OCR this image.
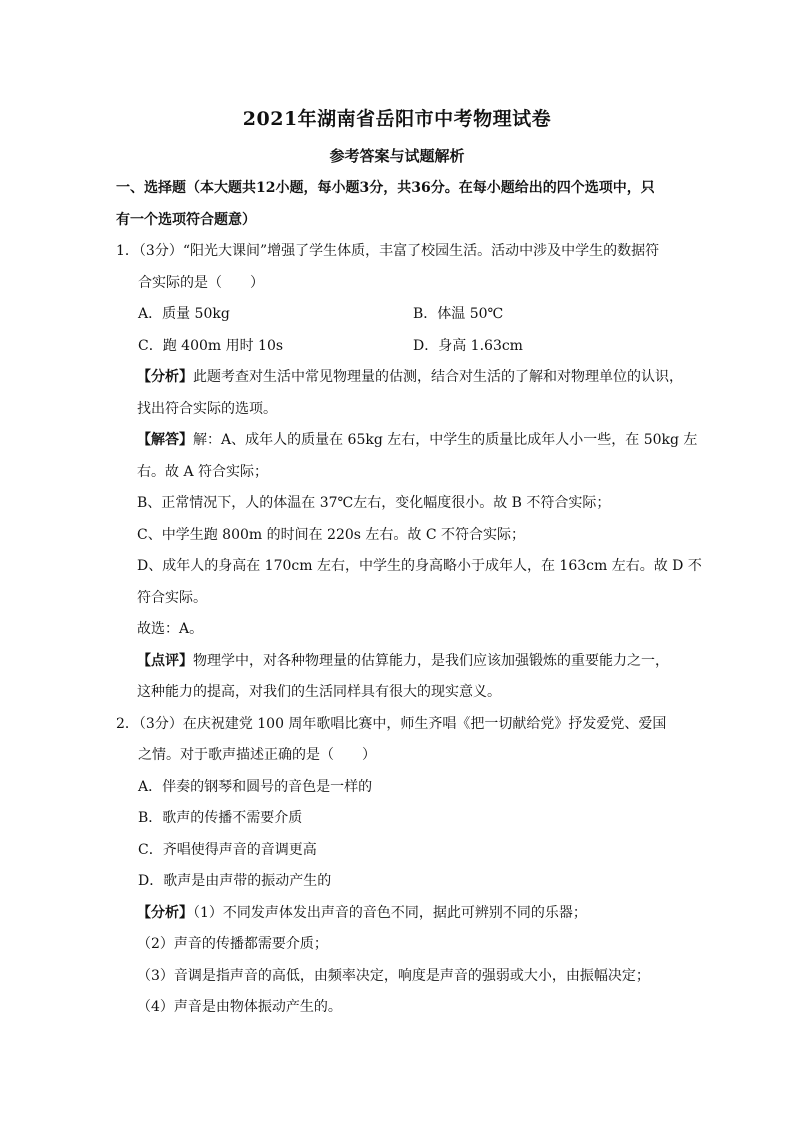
2021年湖南省岳阳市中考物理试卷
参考答案与试题解析
一、选择题（本大题共12小题，每小题3分，共36分。在每小题给出的四个选项中，只
有一个选项符合题意）
1．（3分）“阳光大课间”增强了学生体质，丰富了校园生活。活动中涉及中学生的数据符
合实际的是（　　）
A．质量 50kg	B．体温 50℃
C．跑 400m 用时 10s	D．身高 1.63cm
【分析】此题考查对生活中常见物理量的估测，结合对生活的了解和对物理单位的认识，
找出符合实际的选项。
【解答】解：A、成年人的质量在 65kg 左右，中学生的质量比成年人小一些，在 50kg 左
右。故 A 符合实际；
B、正常情况下，人的体温在 37℃左右，变化幅度很小。故 B 不符合实际；
C、中学生跑 800m 的时间在 220s 左右。故 C 不符合实际；
D、成年人的身高在 170cm 左右，中学生的身高略小于成年人，在 163cm 左右。故 D 不
符合实际。
故选：A。
【点评】物理学中，对各种物理量的估算能力，是我们应该加强锻炼的重要能力之一，
这种能力的提高，对我们的生活同样具有很大的现实意义。
2．（3分）在庆祝建党 100 周年歌唱比赛中，师生齐唱《把一切献给党》抒发爱党、爱国
之情。对于歌声描述正确的是（　　）
A．伴奏的钢琴和圆号的音色是一样的
B．歌声的传播不需要介质
C．齐唱使得声音的音调更高
D．歌声是由声带的振动产生的
【分析】（1）不同发声体发出声音的音色不同，据此可辨别不同的乐器；
（2）声音的传播都需要介质；
（3）音调是指声音的高低，由频率决定，响度是声音的强弱或大小，由振幅决定；
（4）声音是由物体振动产生的。
